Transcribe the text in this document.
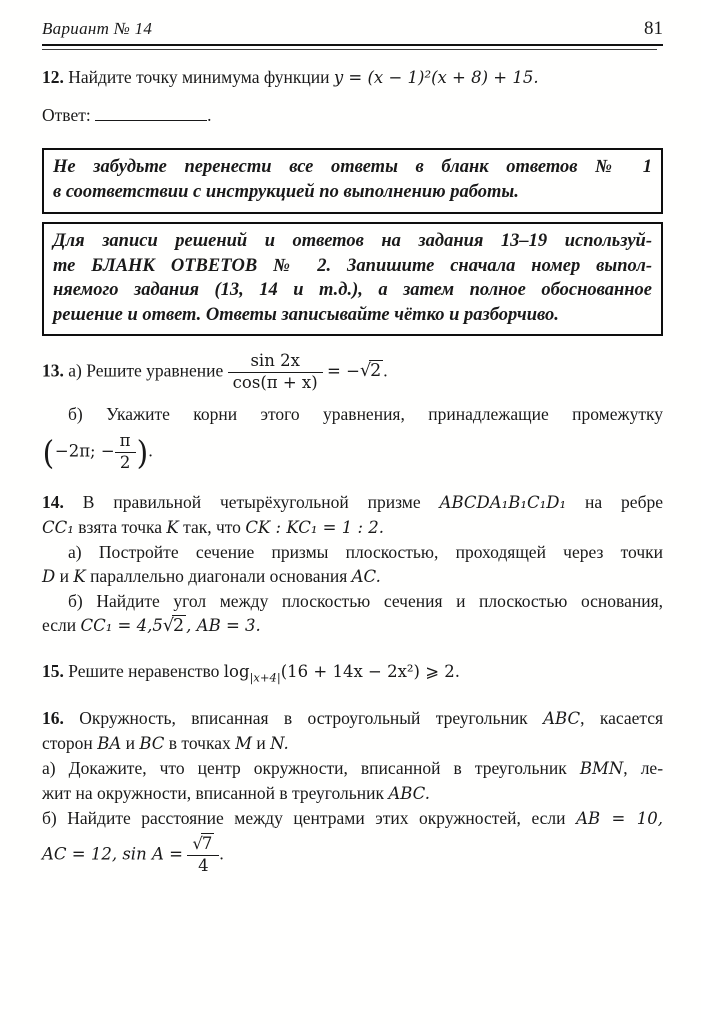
Вариант № 14	81

12. Найдите точку минимума функции y = (x − 1)²(x + 8) + 15.

Ответ:	.

Не забудьте перенести все ответы в бланк ответов № 1

в соответствии с инструкцией по выполнению работы.

Для записи решений и ответов на задания 13–19 используй-

те БЛАНК ОТВЕТОВ № 2. Запишите сначала номер выпол-

няемого задания (13, 14 и т.д.), а затем полное обоснованное

решение и ответ. Ответы записывайте чётко и разборчиво.

13. а) Решите уравнение $\frac{\sin 2x}{\cos(\pi + x)} = -√2$ .

б) Укажите корни этого уравнения, принадлежащие промежутку

(−2π; − $\frac{\pi}{2}$ ).

14. В правильной четырёхугольной призме ABCDA₁B₁C₁D₁ на ребре

CC₁ взята точка K так, что CK : KC₁ = 1 : 2.

а) Постройте сечение призмы плоскостью, проходящей через точки

D и K параллельно диагонали основания AC.

б) Найдите угол между плоскостью сечения и плоскостью основания,

если CC₁ = 4,5√2 , AB = 3.

15. Решите неравенство $\log_{|x+4|}(16 + 14x - 2x^2)$ ⩾ 2.

16. Окружность, вписанная в остроугольный треугольник ABC, касается

сторон BA и BC в точках M и N.

а) Докажите, что центр окружности, вписанной в треугольник BMN, ле-

жит на окружности, вписанной в треугольник ABC.

б) Найдите расстояние между центрами этих окружностей, если AB = 10,

AC = 12, $\sin A = \frac{√7}{4}$ .
